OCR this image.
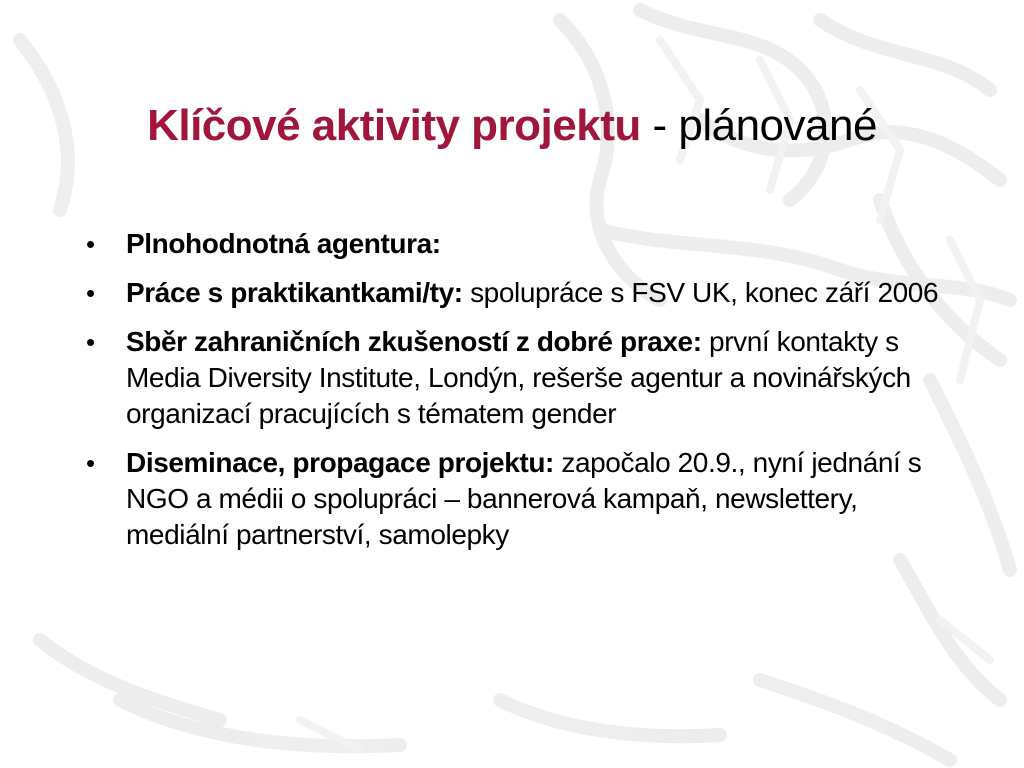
Klíčové aktivity projektu - plánované
•	Plnohodnotná agentura:
•	Práce s praktikantkami/ty: spolupráce s FSV UK, konec září 2006
•	Sběr zahraničních zkušeností z dobré praxe: první kontakty s Media Diversity Institute, Londýn, rešerše agentur a novinářských organizací pracujících s tématem gender
•	Diseminace, propagace projektu: započalo 20.9., nyní jednání s NGO a médii o spolupráci – bannerová kampaň, newslettery, mediální partnerství, samolepky
